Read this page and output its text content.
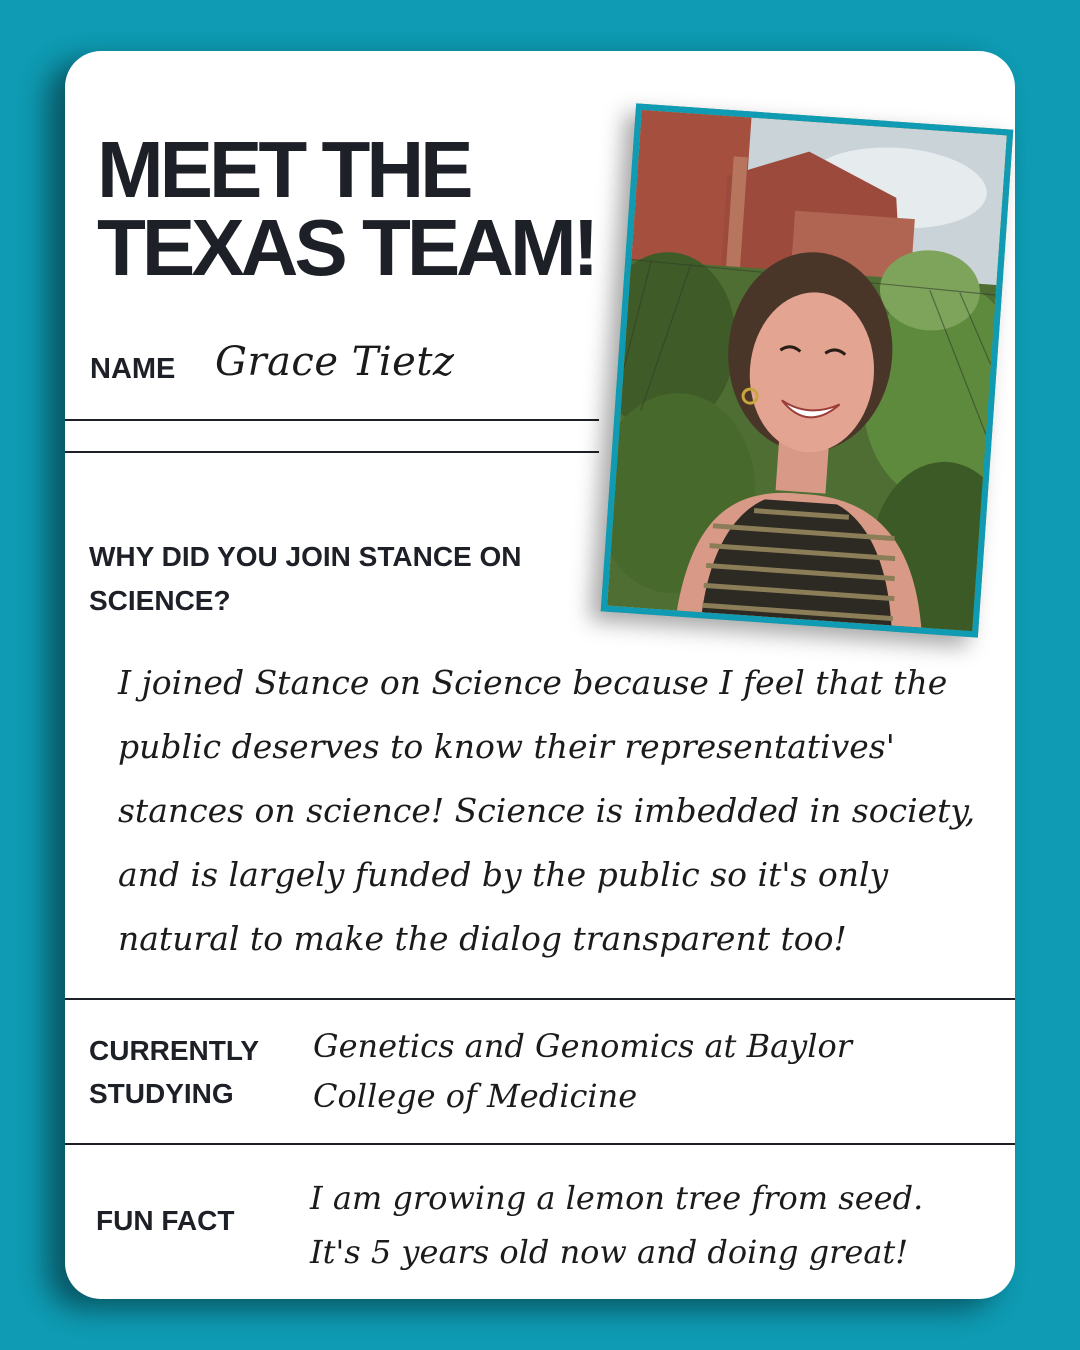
MEET THE TEXAS TEAM!
NAME Grace Tietz
WHY DID YOU JOIN STANCE ON SCIENCE?
I joined Stance on Science because I feel that the public deserves to know their representatives' stances on science! Science is imbedded in society, and is largely funded by the public so it's only natural to make the dialog transparent too!
CURRENTLY STUDYING
Genetics and Genomics at Baylor College of Medicine
FUN FACT
I am growing a lemon tree from seed. It's 5 years old now and doing great!
